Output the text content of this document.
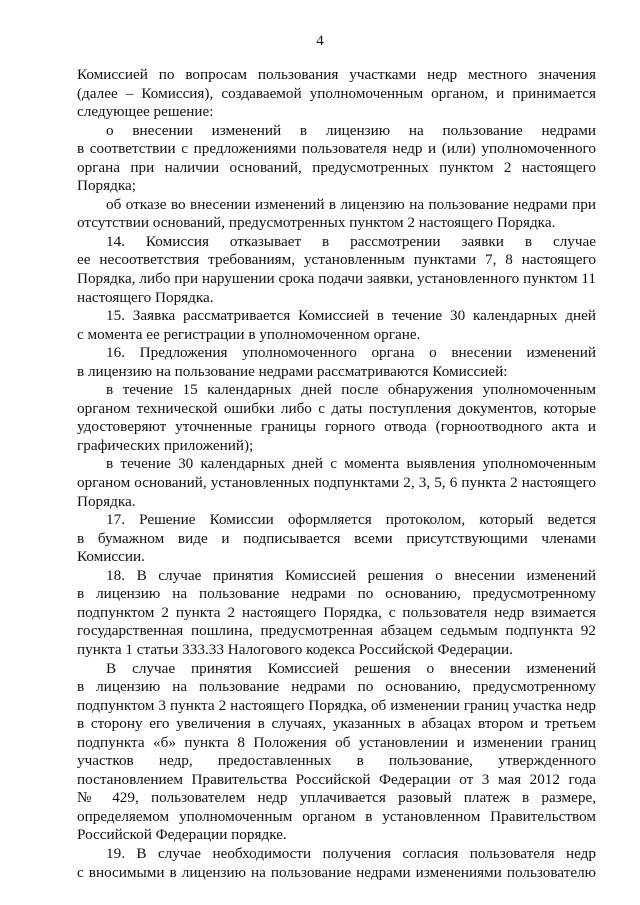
4
Комиссией по вопросам пользования участками недр местного значения
(далее – Комиссия), создаваемой уполномоченным органом, и принимается
следующее решение:
о внесении изменений в лицензию на пользование недрами
в соответствии с предложениями пользователя недр и (или) уполномоченного
органа при наличии оснований, предусмотренных пунктом 2 настоящего
Порядка;
об отказе во внесении изменений в лицензию на пользование недрами при
отсутствии оснований, предусмотренных пунктом 2 настоящего Порядка.
14. Комиссия отказывает в рассмотрении заявки в случае
ее несоответствия требованиям, установленным пунктами 7, 8 настоящего
Порядка, либо при нарушении срока подачи заявки, установленного пунктом 11
настоящего Порядка.
15. Заявка рассматривается Комиссией в течение 30 календарных дней
с момента ее регистрации в уполномоченном органе.
16. Предложения уполномоченного органа о внесении изменений
в лицензию на пользование недрами рассматриваются Комиссией:
в течение 15 календарных дней после обнаружения уполномоченным
органом технической ошибки либо с даты поступления документов, которые
удостоверяют уточненные границы горного отвода (горноотводного акта и
графических приложений);
в течение 30 календарных дней с момента выявления уполномоченным
органом оснований, установленных подпунктами 2, 3, 5, 6 пункта 2 настоящего
Порядка.
17. Решение Комиссии оформляется протоколом, который ведется
в бумажном виде и подписывается всеми присутствующими членами
Комиссии.
18. В случае принятия Комиссией решения о внесении изменений
в лицензию на пользование недрами по основанию, предусмотренному
подпунктом 2 пункта 2 настоящего Порядка, с пользователя недр взимается
государственная пошлина, предусмотренная абзацем седьмым подпункта 92
пункта 1 статьи 333.33 Налогового кодекса Российской Федерации.
В случае принятия Комиссией решения о внесении изменений
в лицензию на пользование недрами по основанию, предусмотренному
подпунктом 3 пункта 2 настоящего Порядка, об изменении границ участка недр
в сторону его увеличения в случаях, указанных в абзацах втором и третьем
подпункта «б» пункта 8 Положения об установлении и изменении границ
участков недр, предоставленных в пользование, утвержденного
постановлением Правительства Российской Федерации от 3 мая 2012 года
№ 429, пользователем недр уплачивается разовый платеж в размере,
определяемом уполномоченным органом в установленном Правительством
Российской Федерации порядке.
19. В случае необходимости получения согласия пользователя недр
с вносимыми в лицензию на пользование недрами изменениями пользователю
